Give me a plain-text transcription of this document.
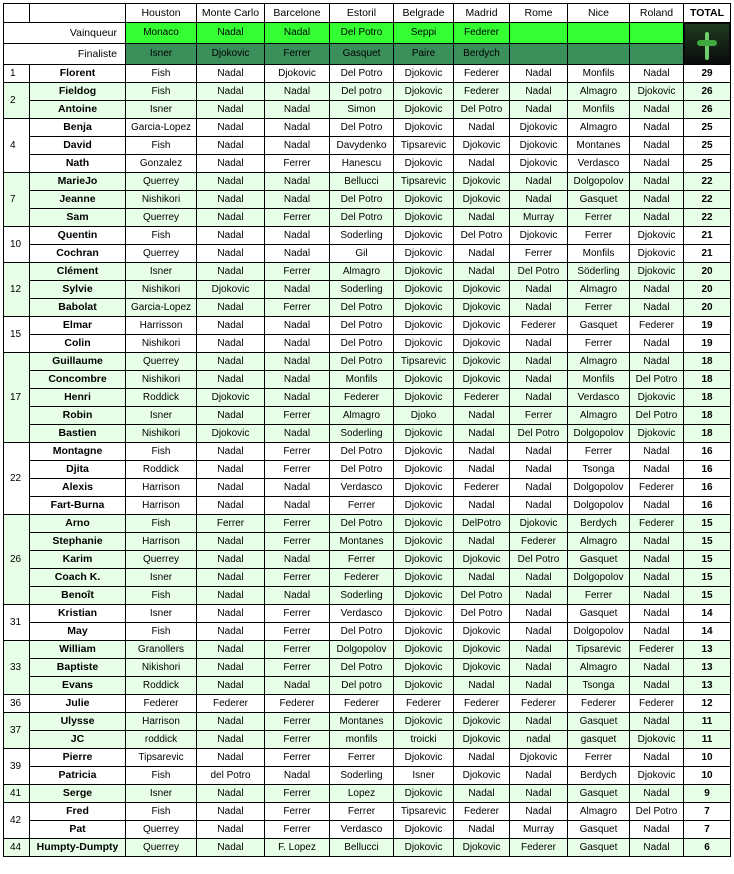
		Houston	Monte Carlo	Barcelone	Estoril	Belgrade	Madrid	Rome	Nice	Roland	TOTAL
Vainqueur		Monaco	Nadal	Nadal	Del Potro	Seppi	Federer				

Finaliste		Isner	Djokovic	Ferrer	Gasquet	Paire	Berdych				
1	Florent	Fish	Nadal	Djokovic	Del Potro	Djokovic	Federer	Nadal	Monfils	Nadal	29
2	Fieldog	Fish	Nadal	Nadal	Del potro	Djokovic	Federer	Nadal	Almagro	Djokovic	26
	Antoine	Isner	Nadal	Nadal	Simon	Djokovic	Del Potro	Nadal	Monfils	Nadal	26
4	Benja	Garcia-Lopez	Nadal	Nadal	Del Potro	Djokovic	Nadal	Djokovic	Almagro	Nadal	25
	David	Fish	Nadal	Nadal	Davydenko	Tipsarevic	Djokovic	Djokovic	Montanes	Nadal	25
	Nath	Gonzalez	Nadal	Ferrer	Hanescu	Djokovic	Nadal	Djokovic	Verdasco	Nadal	25
7	MarieJo	Querrey	Nadal	Nadal	Bellucci	Tipsarevic	Djokovic	Nadal	Dolgopolov	Nadal	22
	Jeanne	Nishikori	Nadal	Nadal	Del Potro	Djokovic	Djokovic	Nadal	Gasquet	Nadal	22
	Sam	Querrey	Nadal	Ferrer	Del Potro	Djokovic	Nadal	Murray	Ferrer	Nadal	22
10	Quentin	Fish	Nadal	Nadal	Soderling	Djokovic	Del Potro	Djokovic	Ferrer	Djokovic	21
	Cochran	Querrey	Nadal	Nadal	Gil	Djokovic	Nadal	Ferrer	Monfils	Djokovic	21
12	Clément	Isner	Nadal	Ferrer	Almagro	Djokovic	Nadal	Del Potro	Söderling	Djokovic	20
	Sylvie	Nishikori	Djokovic	Nadal	Soderling	Djokovic	Djokovic	Nadal	Almagro	Nadal	20
	Babolat	Garcia-Lopez	Nadal	Ferrer	Del Potro	Djokovic	Djokovic	Nadal	Ferrer	Nadal	20
15	Elmar	Harrisson	Nadal	Nadal	Del Potro	Djokovic	Djokovic	Federer	Gasquet	Federer	19
	Colin	Nishikori	Nadal	Nadal	Del Potro	Djokovic	Djokovic	Nadal	Ferrer	Nadal	19
17	Guillaume	Querrey	Nadal	Nadal	Del Potro	Tipsarevic	Djokovic	Nadal	Almagro	Nadal	18
	Concombre	Nishikori	Nadal	Nadal	Monfils	Djokovic	Djokovic	Nadal	Monfils	Del Potro	18
	Henri	Roddick	Djokovic	Nadal	Federer	Djokovic	Federer	Nadal	Verdasco	Djokovic	18
	Robin	Isner	Nadal	Ferrer	Almagro	Djoko	Nadal	Ferrer	Almagro	Del Potro	18
	Bastien	Nishikori	Djokovic	Nadal	Soderling	Djokovic	Nadal	Del Potro	Dolgopolov	Djokovic	18
22	Montagne	Fish	Nadal	Ferrer	Del Potro	Djokovic	Nadal	Nadal	Ferrer	Nadal	16
	Djita	Roddick	Nadal	Ferrer	Del Potro	Djokovic	Nadal	Nadal	Tsonga	Nadal	16
	Alexis	Harrison	Nadal	Nadal	Verdasco	Djokovic	Federer	Nadal	Dolgopolov	Federer	16
	Fart-Burna	Harrison	Nadal	Nadal	Ferrer	Djokovic	Nadal	Nadal	Dolgopolov	Nadal	16
26	Arno	Fish	Ferrer	Ferrer	Del Potro	Djokovic	DelPotro	Djokovic	Berdych	Federer	15
	Stephanie	Harrison	Nadal	Ferrer	Montanes	Djokovic	Nadal	Federer	Almagro	Nadal	15
	Karim	Querrey	Nadal	Nadal	Ferrer	Djokovic	Djokovic	Del Potro	Gasquet	Nadal	15
	Coach K.	Isner	Nadal	Ferrer	Federer	Djokovic	Nadal	Nadal	Dolgopolov	Nadal	15
	Benoît	Fish	Nadal	Nadal	Soderling	Djokovic	Del Potro	Nadal	Ferrer	Nadal	15
31	Kristian	Isner	Nadal	Ferrer	Verdasco	Djokovic	Del Potro	Nadal	Gasquet	Nadal	14
	May	Fish	Nadal	Ferrer	Del Potro	Djokovic	Djokovic	Nadal	Dolgopolov	Nadal	14
33	William	Granollers	Nadal	Ferrer	Dolgopolov	Djokovic	Djokovic	Nadal	Tipsarevic	Federer	13
	Baptiste	Nikishori	Nadal	Ferrer	Del Potro	Djokovic	Djokovic	Nadal	Almagro	Nadal	13
	Evans	Roddick	Nadal	Nadal	Del potro	Djokovic	Nadal	Nadal	Tsonga	Nadal	13
36	Julie	Federer	Federer	Federer	Federer	Federer	Federer	Federer	Federer	Federer	12
37	Ulysse	Harrison	Nadal	Ferrer	Montanes	Djokovic	Djokovic	Nadal	Gasquet	Nadal	11
	JC	roddick	Nadal	Ferrer	monfils	troicki	Djokovic	nadal	gasquet	Djokovic	11
39	Pierre	Tipsarevic	Nadal	Ferrer	Ferrer	Djokovic	Nadal	Djokovic	Ferrer	Nadal	10
	Patricia	Fish	del Potro	Nadal	Soderling	Isner	Djokovic	Nadal	Berdych	Djokovic	10
41	Serge	Isner	Nadal	Ferrer	Lopez	Djokovic	Nadal	Nadal	Gasquet	Nadal	9
42	Fred	Fish	Nadal	Ferrer	Ferrer	Tipsarevic	Federer	Nadal	Almagro	Del Potro	7
	Pat	Querrey	Nadal	Ferrer	Verdasco	Djokovic	Nadal	Murray	Gasquet	Nadal	7
44	Humpty-Dumpty	Querrey	Nadal	F. Lopez	Bellucci	Djokovic	Djokovic	Federer	Gasquet	Nadal	6
